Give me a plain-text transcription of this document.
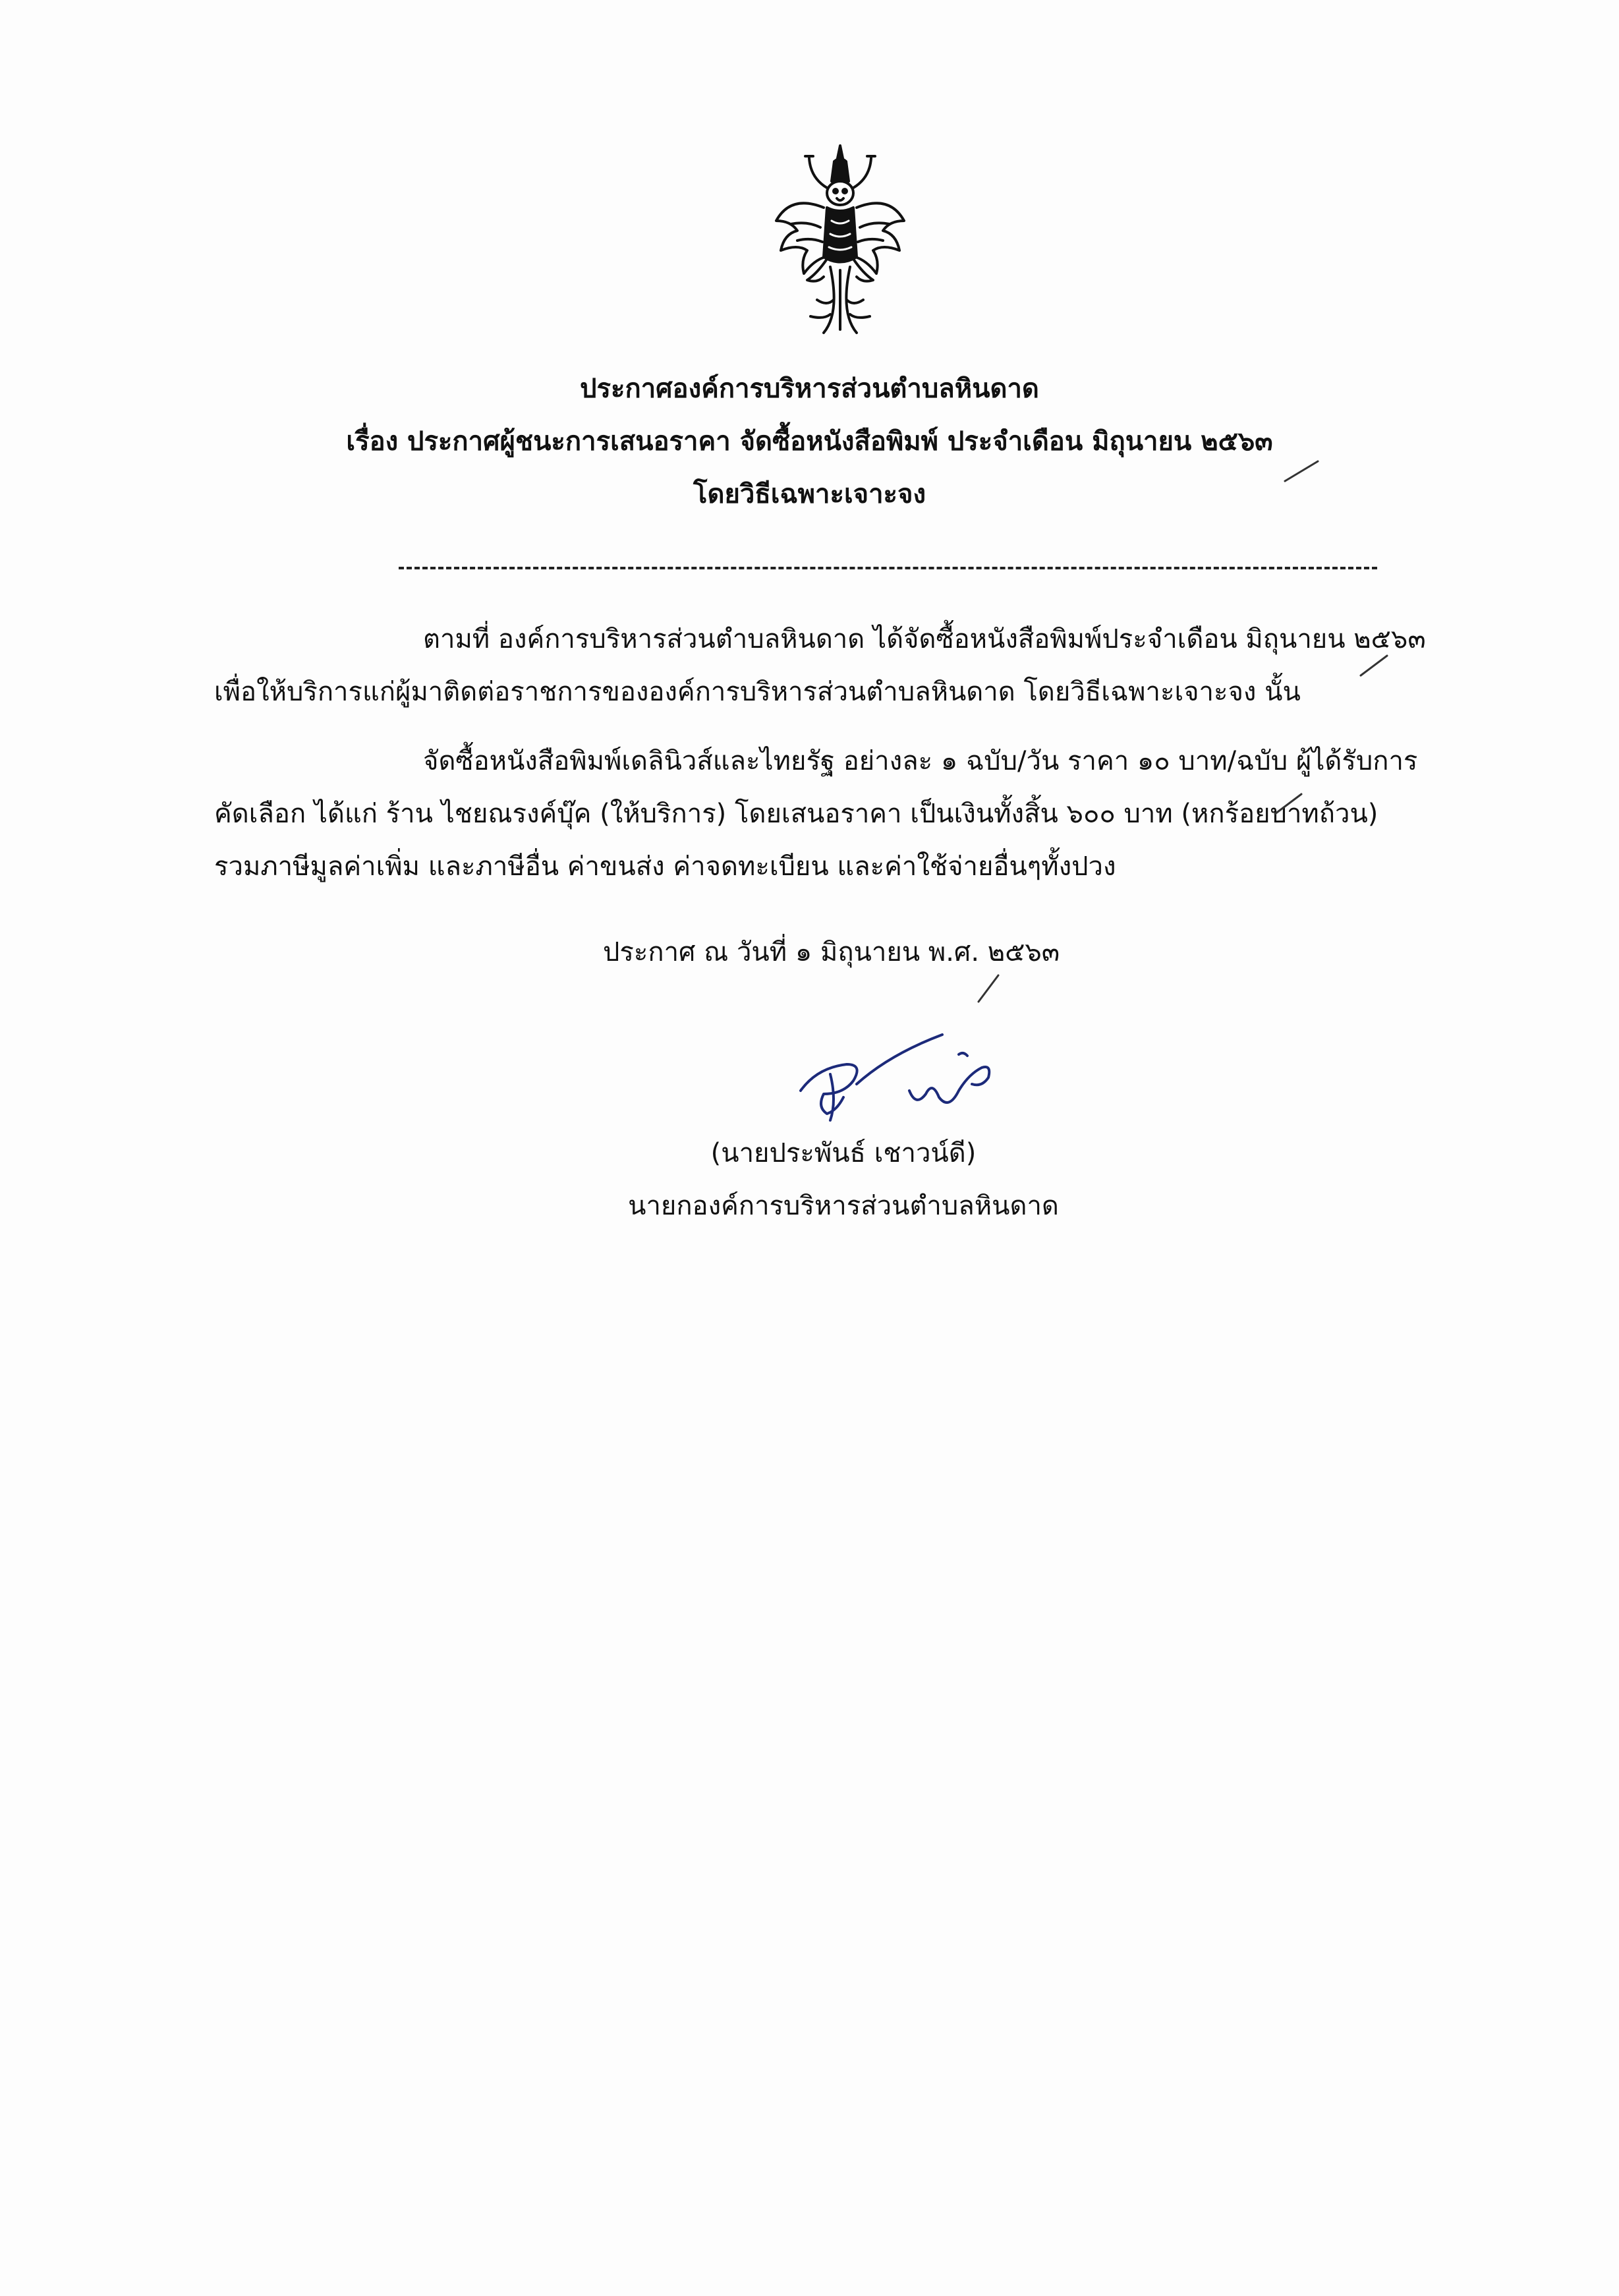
ประกาศองค์การบริหารส่วนตำบลหินดาด
เรื่อง ประกาศผู้ชนะการเสนอราคา จัดซื้อหนังสือพิมพ์ ประจำเดือน มิถุนายน ๒๕๖๓
โดยวิธีเฉพาะเจาะจง
ตามที่ องค์การบริหารส่วนตำบลหินดาด ได้จัดซื้อหนังสือพิมพ์ประจำเดือน มิถุนายน ๒๕๖๓
เพื่อให้บริการแก่ผู้มาติดต่อราชการขององค์การบริหารส่วนตำบลหินดาด โดยวิธีเฉพาะเจาะจง นั้น
จัดซื้อหนังสือพิมพ์เดลินิวส์และไทยรัฐ อย่างละ ๑ ฉบับ/วัน ราคา ๑๐ บาท/ฉบับ ผู้ได้รับการ
คัดเลือก ได้แก่ ร้าน ไชยณรงค์บุ๊ค (ให้บริการ) โดยเสนอราคา เป็นเงินทั้งสิ้น ๖๐๐ บาท (หกร้อยบาทถ้วน)
รวมภาษีมูลค่าเพิ่ม และภาษีอื่น ค่าขนส่ง ค่าจดทะเบียน และค่าใช้จ่ายอื่นๆทั้งปวง
ประกาศ ณ วันที่ ๑ มิถุนายน พ.ศ. ๒๕๖๓
(นายประพันธ์ เชาวน์ดี)
นายกองค์การบริหารส่วนตำบลหินดาด
